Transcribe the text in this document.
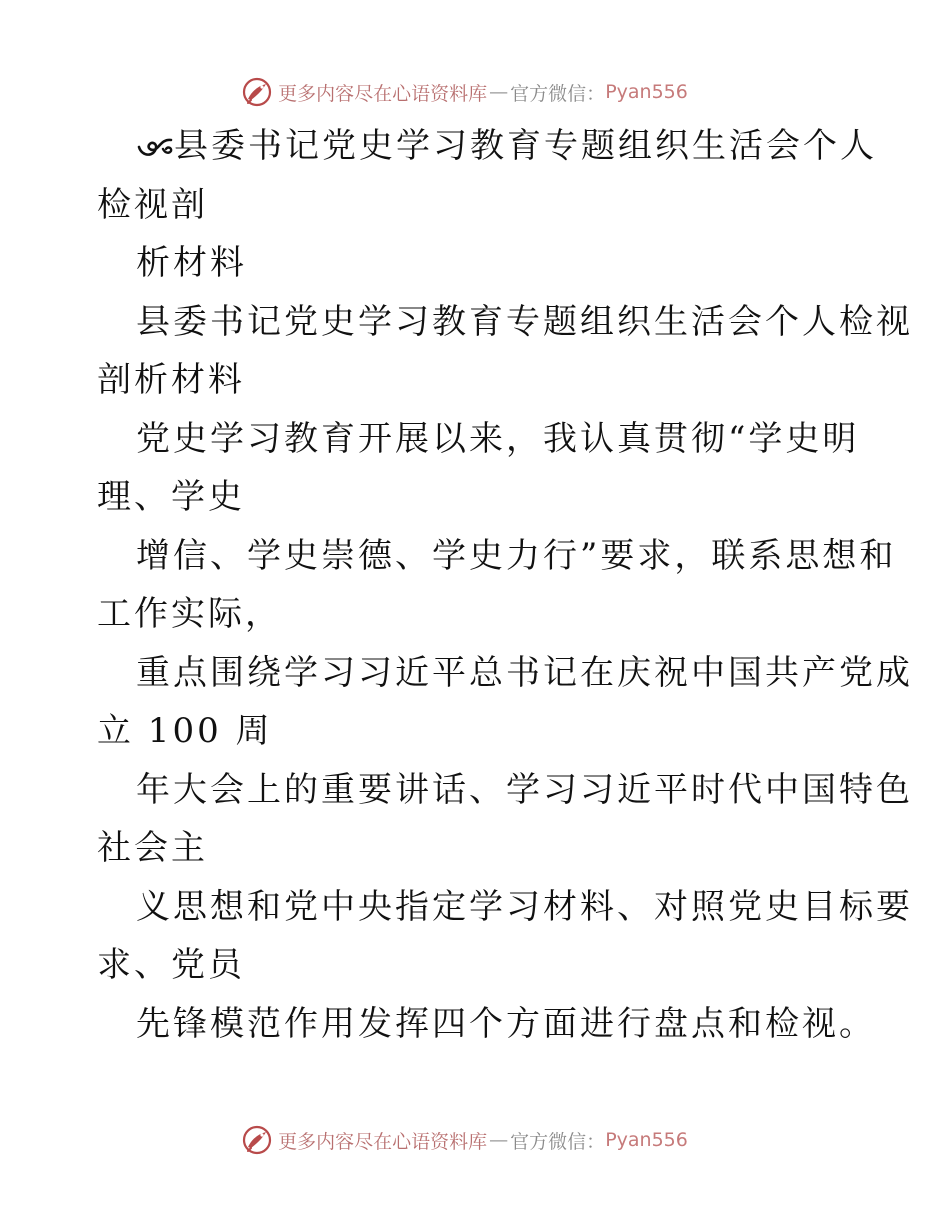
更多内容尽在心语资料库 — 官方微信： Pyan556
县委书记党史学习教育专题组织生活会个人
检视剖
析材料
县委书记党史学习教育专题组织生活会个人检视
剖析材料
党史学习教育开展以来，我认真贯彻“学史明
理、学史
增信、学史崇德、学史力行”要求，联系思想和
工作实际，
重点围绕学习习近平总书记在庆祝中国共产党成
立 100 周
年大会上的重要讲话、学习习近平时代中国特色
社会主
义思想和党中央指定学习材料、对照党史目标要
求、党员
先锋模范作用发挥四个方面进行盘点和检视。
更多内容尽在心语资料库 — 官方微信： Pyan556
